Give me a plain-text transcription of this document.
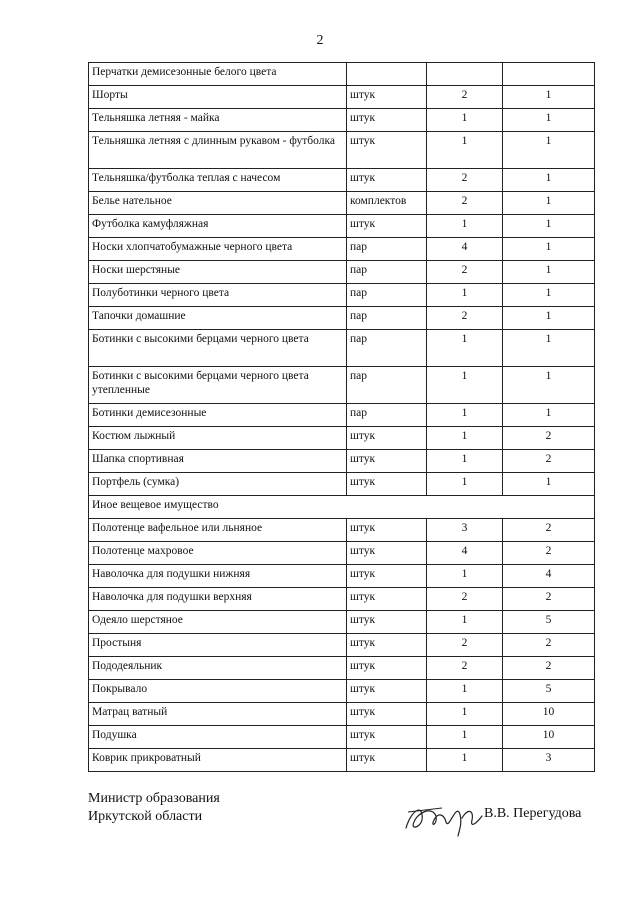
2
Перчатки демисезонные белого цвета			
Шорты	штук	2	1
Тельняшка летняя - майка	штук	1	1
Тельняшка летняя с длинным рукавом - футболка	штук	1	1
Тельняшка/футболка теплая с начесом	штук	2	1
Белье нательное	комплектов	2	1
Футболка камуфляжная	штук	1	1
Носки хлопчатобумажные черного цвета	пар	4	1
Носки шерстяные	пар	2	1
Полуботинки черного цвета	пар	1	1
Тапочки домашние	пар	2	1
Ботинки с высокими берцами черного цвета	пар	1	1
Ботинки с высокими берцами черного цвета утепленные	пар	1	1
Ботинки демисезонные	пар	1	1
Костюм лыжный	штук	1	2
Шапка спортивная	штук	1	2
Портфель (сумка)	штук	1	1
Иное вещевое имущество			
Полотенце вафельное или льняное	штук	3	2
Полотенце махровое	штук	4	2
Наволочка для подушки нижняя	штук	1	4
Наволочка для подушки верхняя	штук	2	2
Одеяло шерстяное	штук	1	5
Простыня	штук	2	2
Пододеяльник	штук	2	2
Покрывало	штук	1	5
Матрац ватный	штук	1	10
Подушка	штук	1	10
Коврик прикроватный	штук	1	3
Министр образования
Иркутской области	В.В. Перегудова
